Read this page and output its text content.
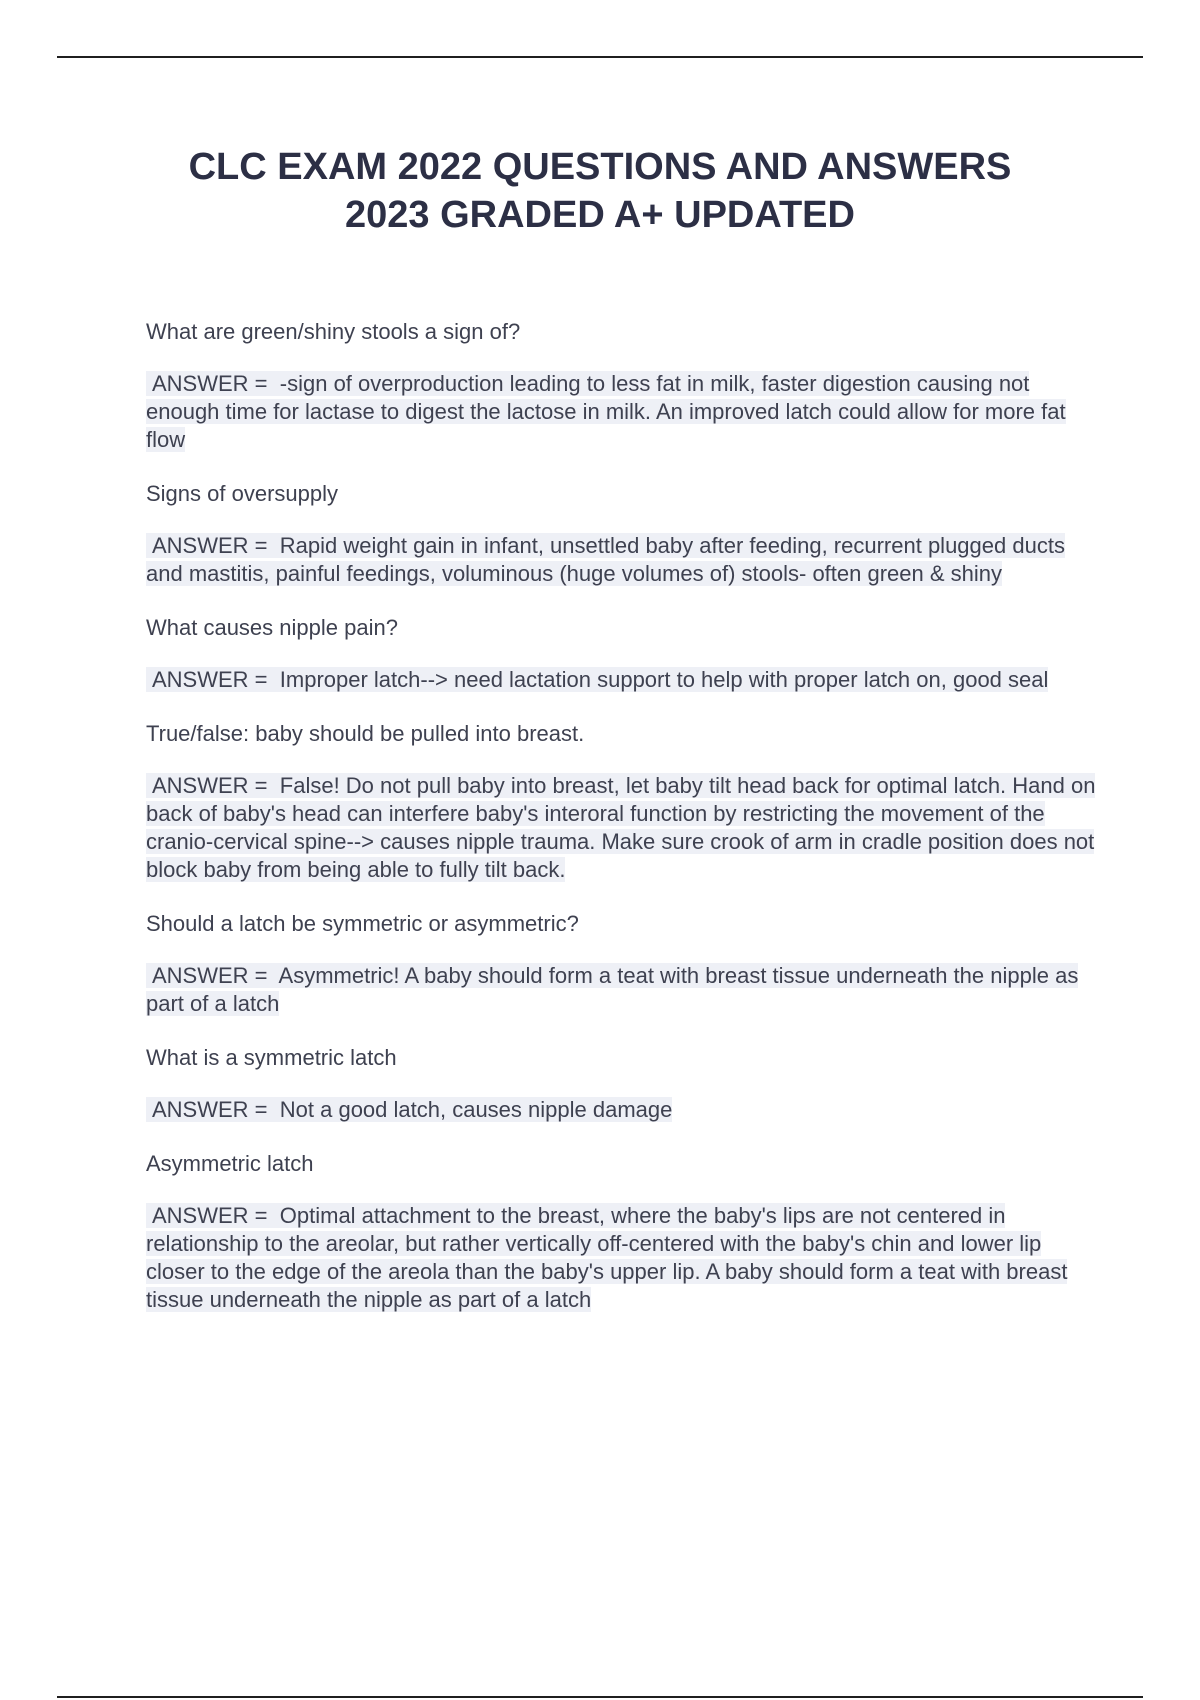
CLC EXAM 2022 QUESTIONS AND ANSWERS
2023 GRADED A+ UPDATED

What are green/shiny stools a sign of?

ANSWER = -sign of overproduction leading to less fat in milk, faster digestion causing not enough time for lactase to digest the lactose in milk. An improved latch could allow for more fat flow

Signs of oversupply

ANSWER = Rapid weight gain in infant, unsettled baby after feeding, recurrent plugged ducts and mastitis, painful feedings, voluminous (huge volumes of) stools- often green & shiny

What causes nipple pain?

ANSWER = Improper latch--> need lactation support to help with proper latch on, good seal

True/false: baby should be pulled into breast.

ANSWER = False! Do not pull baby into breast, let baby tilt head back for optimal latch. Hand on back of baby's head can interfere baby's interoral function by restricting the movement of the cranio-cervical spine--> causes nipple trauma. Make sure crook of arm in cradle position does not block baby from being able to fully tilt back.

Should a latch be symmetric or asymmetric?

ANSWER = Asymmetric! A baby should form a teat with breast tissue underneath the nipple as part of a latch

What is a symmetric latch

ANSWER = Not a good latch, causes nipple damage

Asymmetric latch

ANSWER = Optimal attachment to the breast, where the baby's lips are not centered in relationship to the areolar, but rather vertically off-centered with the baby's chin and lower lip closer to the edge of the areola than the baby's upper lip. A baby should form a teat with breast tissue underneath the nipple as part of a latch
